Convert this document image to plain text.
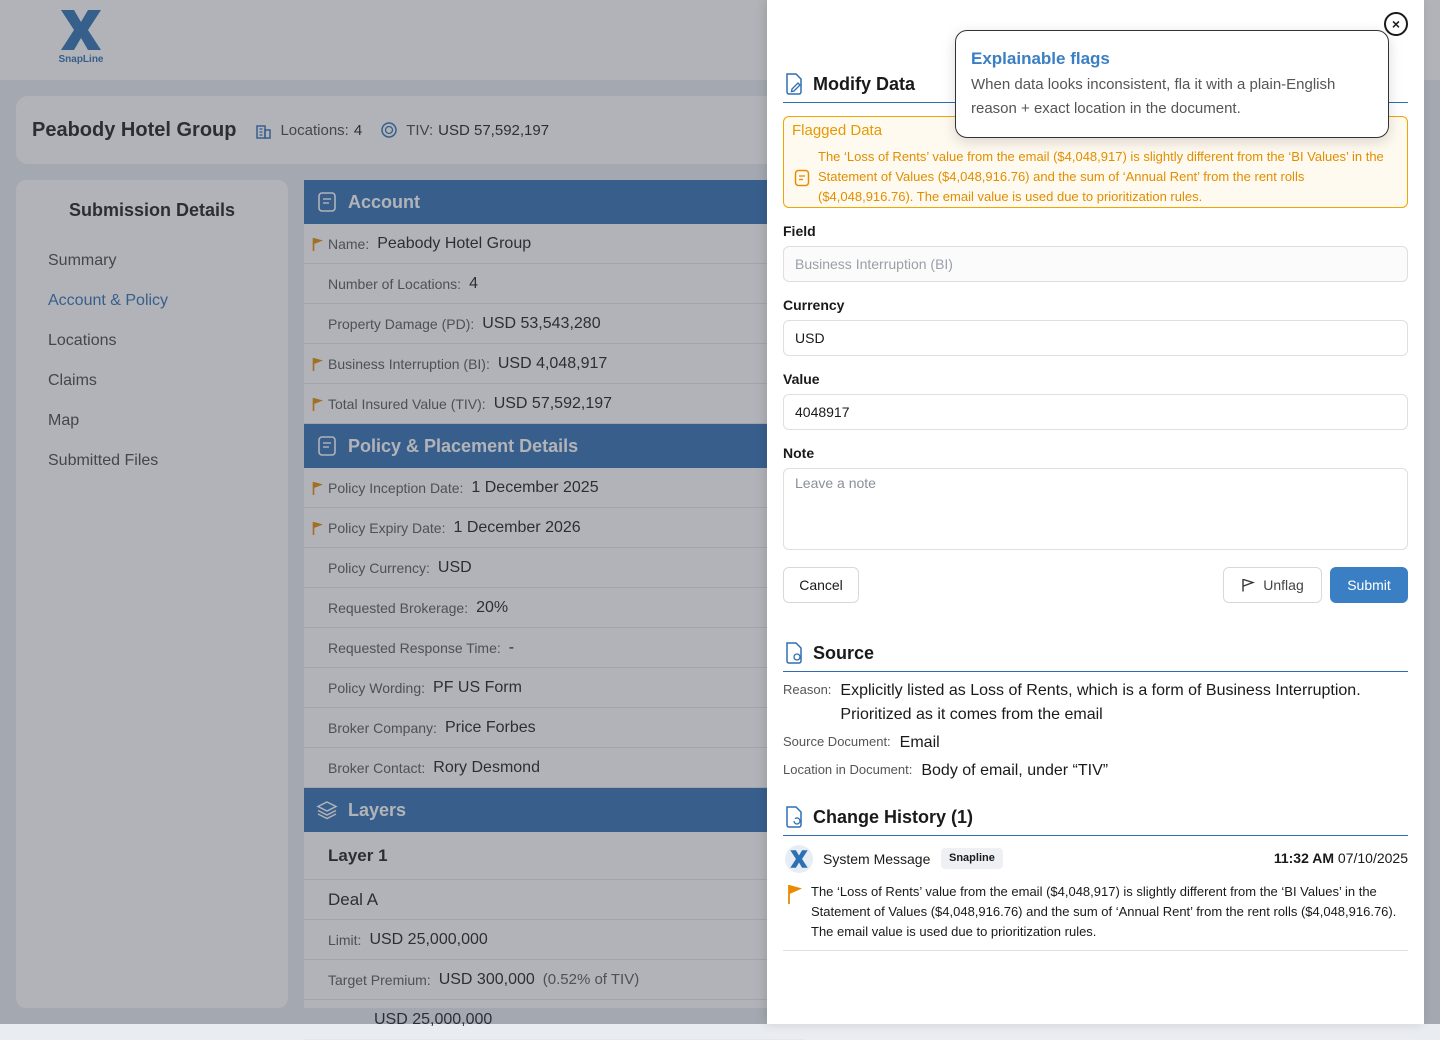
SnapLine
Peabody Hotel Group	Locations: 4	TIV: USD 57,592,197
Submission Details
Summary
Account & Policy
Locations
Claims
Map
Submitted Files
Account
Name: Peabody Hotel Group
Number of Locations: 4
Property Damage (PD): USD 53,543,280
Business Interruption (BI): USD 4,048,917
Total Insured Value (TIV): USD 57,592,197
Policy & Placement Details
Policy Inception Date: 1 December 2025
Policy Expiry Date: 1 December 2026
Policy Currency: USD
Requested Brokerage: 20%
Requested Response Time: -
Policy Wording: PF US Form
Broker Company: Price Forbes
Broker Contact: Rory Desmond
Layers
Layer 1
Deal A
Limit: USD 25,000,000
Target Premium: USD 300,000 (0.52% of TIV)
USD 25,000,000
×
Modify Data
Flagged Data
The ‘Loss of Rents’ value from the email ($4,048,917) is slightly different from the ‘BI Values’ in the Statement of Values ($4,048,916.76) and the sum of ‘Annual Rent’ from the rent rolls ($4,048,916.76). The email value is used due to prioritization rules.
Field
Business Interruption (BI)
Currency
USD
Value
4048917
Note
Leave a note
Cancel	Unflag	Submit
Source
Reason: Explicitly listed as Loss of Rents, which is a form of Business Interruption. Prioritized as it comes from the email
Source Document: Email
Location in Document: Body of email, under “TIV”
Change History (1)
System Message	Snapline	11:32 AM 07/10/2025
The ‘Loss of Rents’ value from the email ($4,048,917) is slightly different from the ‘BI Values’ in the Statement of Values ($4,048,916.76) and the sum of ‘Annual Rent’ from the rent rolls ($4,048,916.76). The email value is used due to prioritization rules.
Explainable flags
When data looks inconsistent, fla it with a plain-English reason + exact location in the document.
